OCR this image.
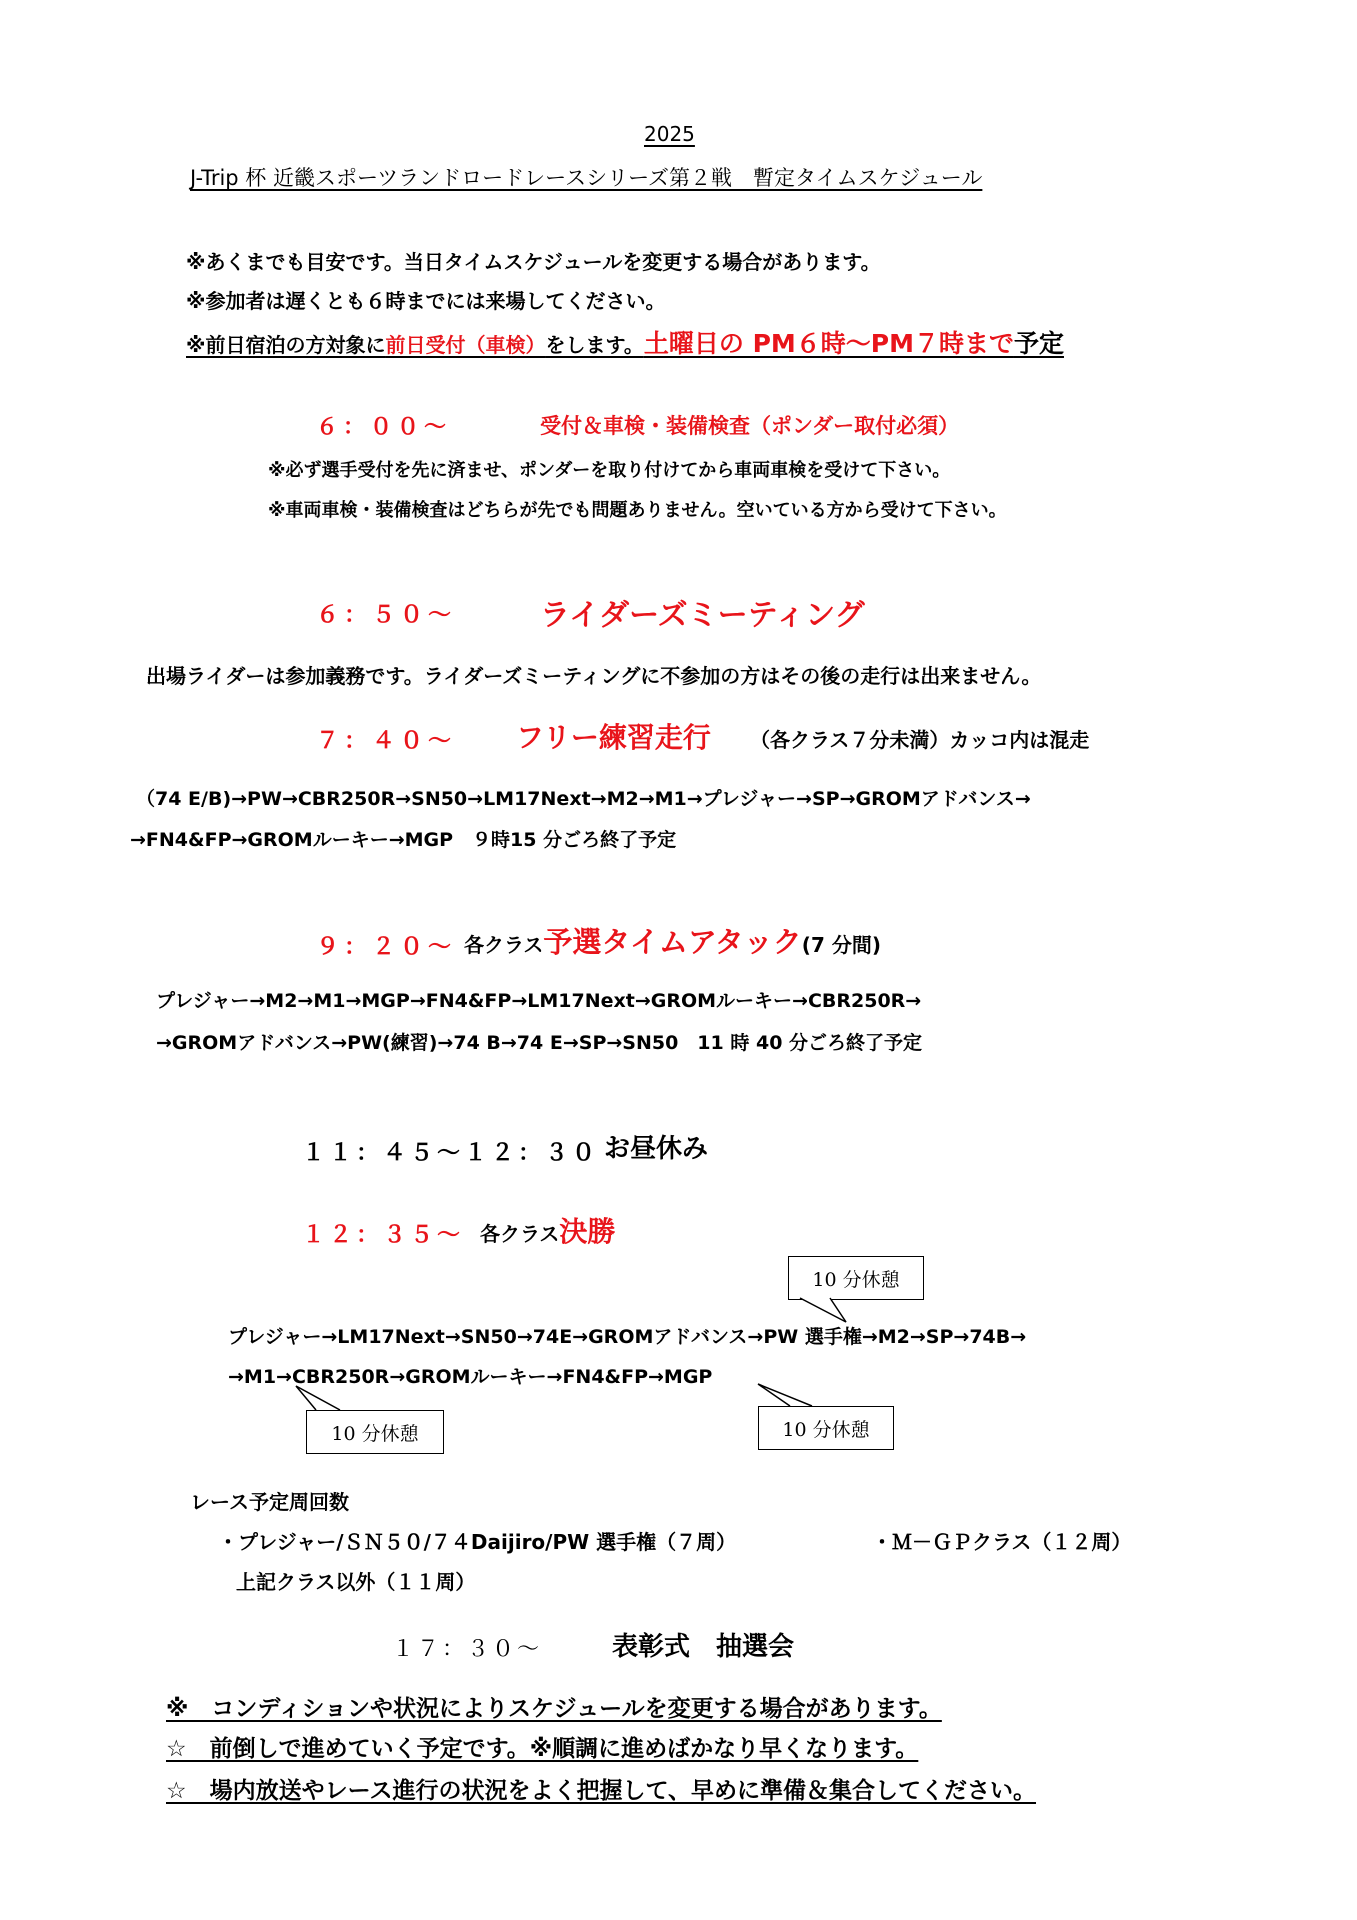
2025
J-Trip 杯 近畿スポーツランドロードレースシリーズ第２戦　暫定タイムスケジュール
※あくまでも目安です。当日タイムスケジュールを変更する場合があります。
※参加者は遅くとも６時までには来場してください。
※前日宿泊の方対象に前日受付（車検）をします。土曜日の PM６時～PM７時まで予定
６：００～	受付＆車検・装備検査（ポンダー取付必須）
※必ず選手受付を先に済ませ、ポンダーを取り付けてから車両車検を受けて下さい。
※車両車検・装備検査はどちらが先でも問題ありません。空いている方から受けて下さい。
６：５０～	ライダーズミーティング
出場ライダーは参加義務です。ライダーズミーティングに不参加の方はその後の走行は出来ません。
７：４０～ フリー練習走行 （各クラス７分未満）カッコ内は混走
（74 E/B)→PW→CBR250R→SN50→LM17Next→M2→M1→プレジャー→SP→GROMアドバンス→
→FN4&FP→GROMルーキー→MGP　９時15 分ごろ終了予定
９：２０～ 各クラス予選タイムアタック(7 分間)
プレジャー→M2→M1→MGP→FN4&FP→LM17Next→GROMルーキー→CBR250R→
→GROMアドバンス→PW(練習)→74 B→74 E→SP→SN50　11 時 40 分ごろ終了予定
１１：４５～１２：３０ お昼休み
１２：３５～ 各クラス決勝
10 分休憩
プレジャー→LM17Next→SN50→74E→GROMアドバンス→PW 選手権→M2→SP→74B→
→M1→CBR250R→GROMルーキー→FN4&FP→MGP
10 分休憩	10 分休憩
レース予定周回数
・プレジャー/ＳＮ５０/７４Daijiro/PW 選手権（７周）	・Ｍ－ＧＰクラス（１２周）
上記クラス以外（１１周）
１７：３０～	表彰式　抽選会
※　コンディションや状況によりスケジュールを変更する場合があります。
☆　前倒しで進めていく予定です。※順調に進めばかなり早くなります。
☆　場内放送やレース進行の状況をよく把握して、早めに準備＆集合してください。
